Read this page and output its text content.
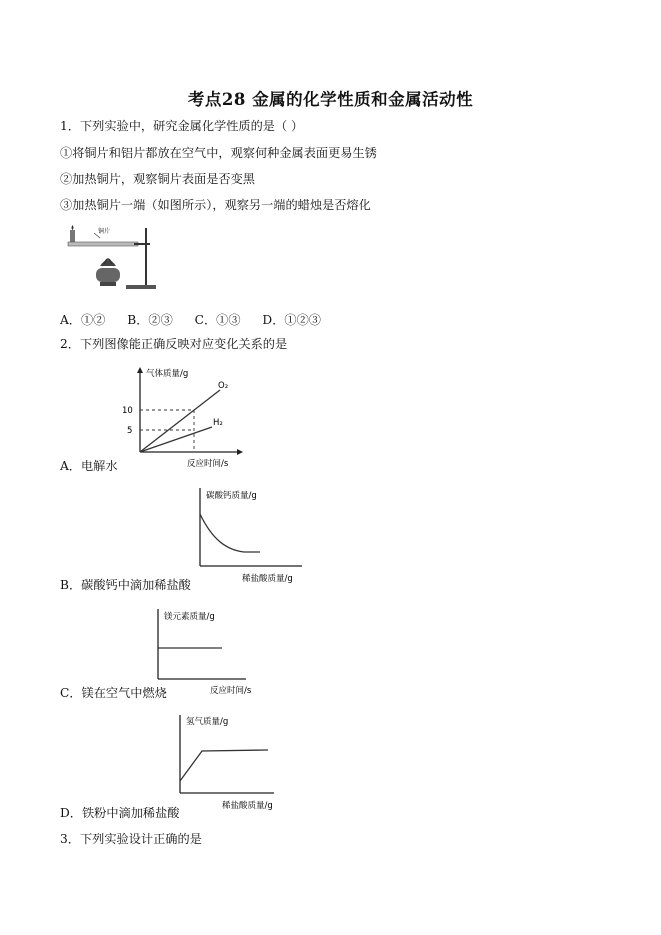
考点28 金属的化学性质和金属活动性
1．下列实验中，研究金属化学性质的是（ ）
①将铜片和铝片都放在空气中，观察何种金属表面更易生锈
②加热铜片，观察铜片表面是否变黑
③加热铜片一端（如图所示），观察另一端的蜡烛是否熔化
铜片
A．①② B．②③ C．①③ D．①②③
2．下列图像能正确反映对应变化关系的是
气体质量/g
反应时间/s
10
5
O₂
H₂
A．电解水
碳酸钙质量/g
稀盐酸质量/g
B．碳酸钙中滴加稀盐酸
镁元素质量/g
反应时间/s
C．镁在空气中燃烧
氢气质量/g
稀盐酸质量/g
D．铁粉中滴加稀盐酸
3．下列实验设计正确的是
